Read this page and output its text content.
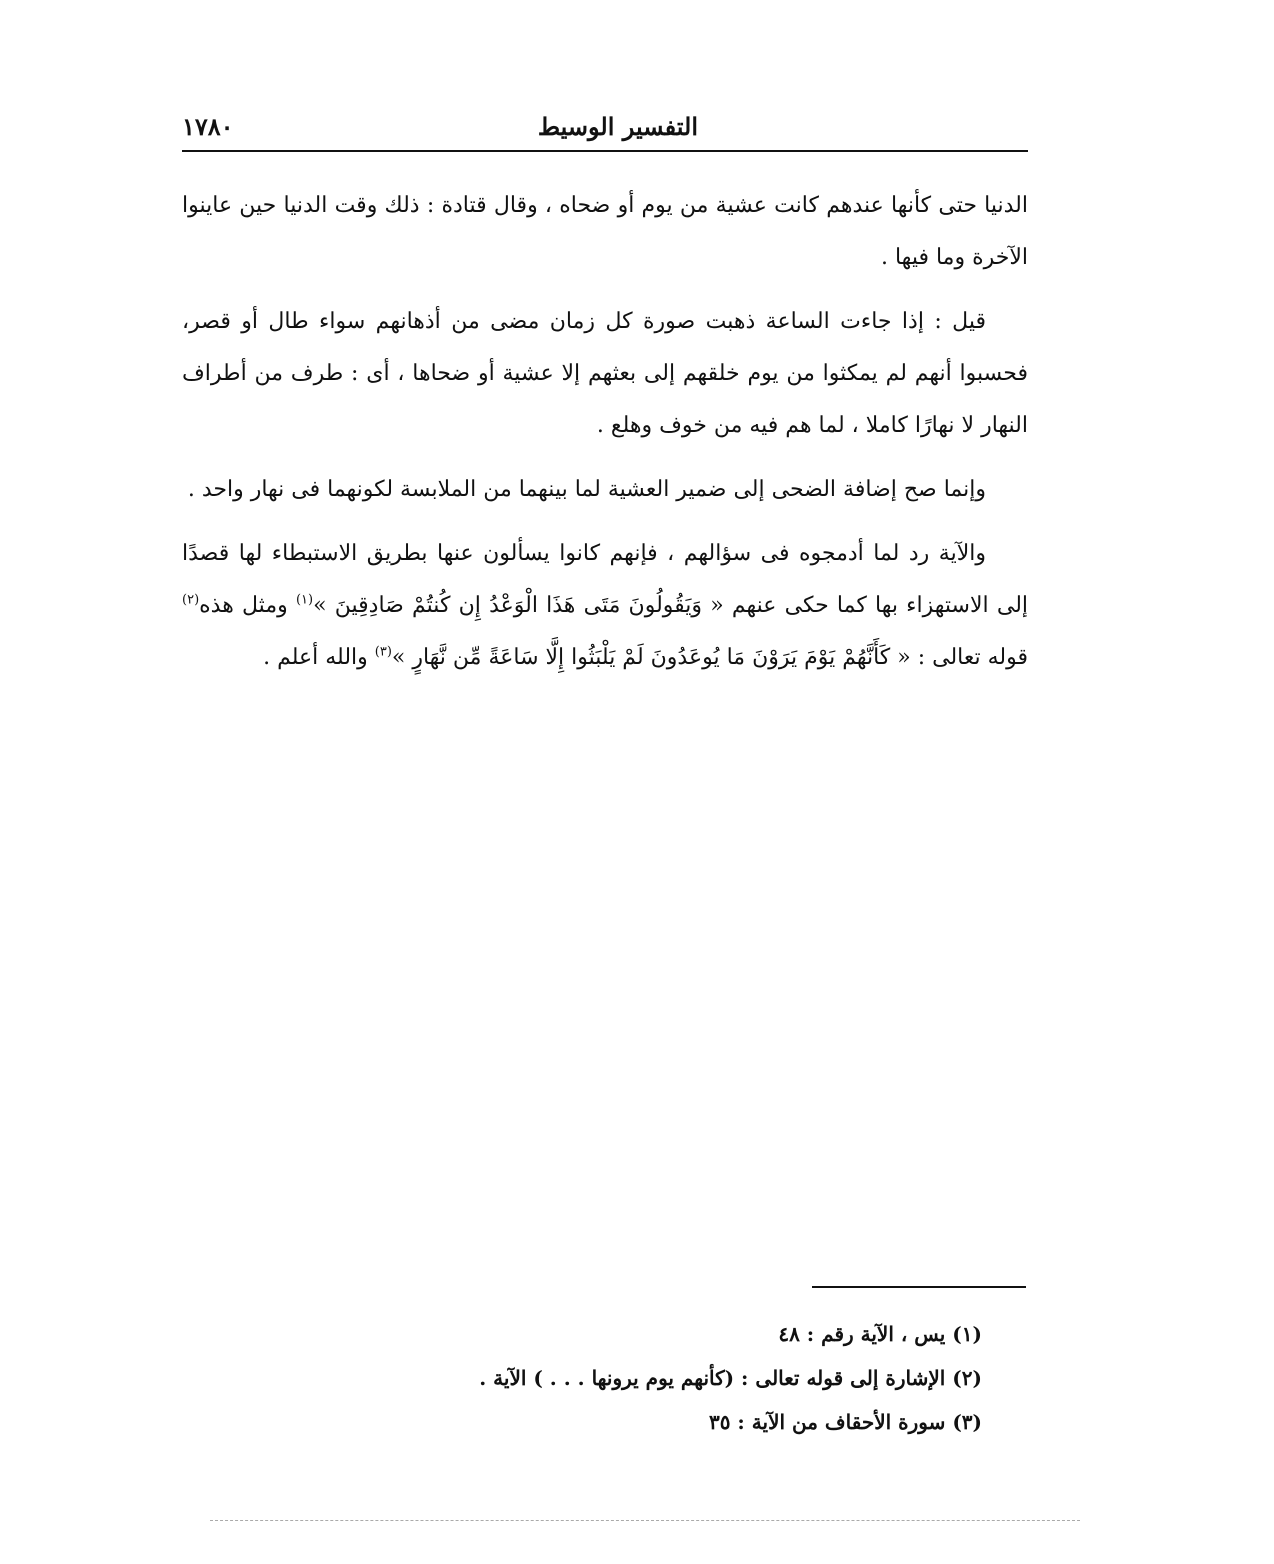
التفسير الوسيط
١٧٨٠

الدنيا حتى كأنها عندهم كانت عشية من يوم أو ضحاه ، وقال قتادة : ذلك وقت الدنيا حين عاينوا الآخرة وما فيها .

قيل : إذا جاءت الساعة ذهبت صورة كل زمان مضى من أذهانهم سواء طال أو قصر، فحسبوا أنهم لم يمكثوا من يوم خلقهم إلى بعثهم إلا عشية أو ضحاها ، أى : طرف من أطراف النهار لا نهارًا كاملا ، لما هم فيه من خوف وهلع .

وإنما صح إضافة الضحى إلى ضمير العشية لما بينهما من الملابسة لكونهما فى نهار واحد .

والآية رد لما أدمجوه فى سؤالهم ، فإنهم كانوا يسألون عنها بطريق الاستبطاء لها قصدًا إلى الاستهزاء بها كما حكى عنهم « وَيَقُولُونَ مَتَى هَذَا الْوَعْدُ إِن كُنتُمْ صَادِقِينَ »$^{(١)}$ ومثل هذه$^{(٢)}$ قوله تعالى : « كَأَنَّهُمْ يَوْمَ يَرَوْنَ مَا يُوعَدُونَ لَمْ يَلْبَثُوا إِلَّا سَاعَةً مِّن نَّهَارٍ »$^{(٣)}$ والله أعلم .

(١) يس ، الآية رقم : ٤٨

(٢) الإشارة إلى قوله تعالى : (كأنهم يوم يرونها . . . ) الآية .

(٣) سورة الأحقاف من الآية : ٣٥
